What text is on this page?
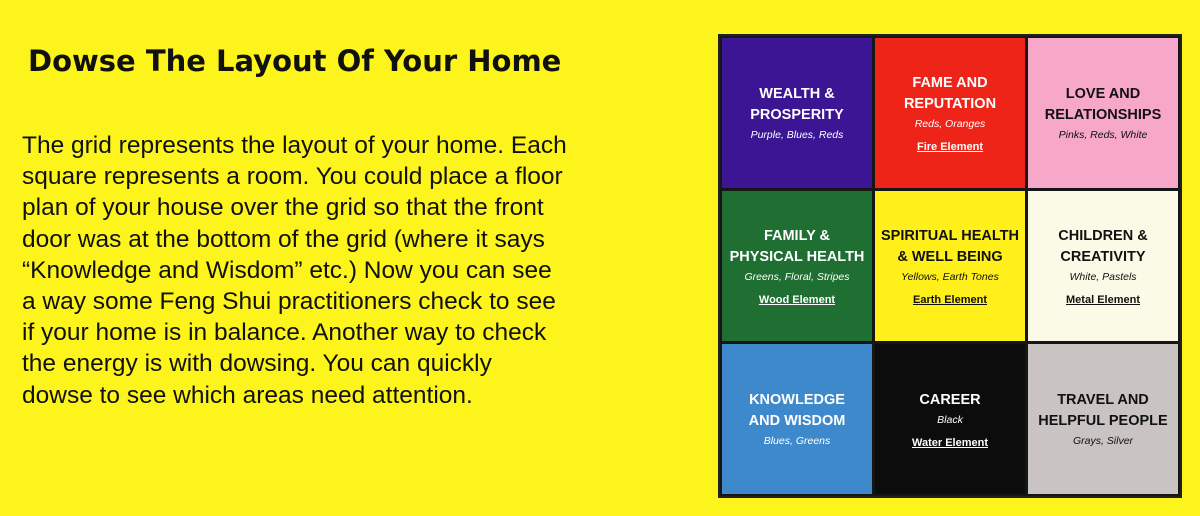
Dowse The Layout Of Your Home

The grid represents the layout of your home. Each
square represents a room. You could place a floor
plan of your house over the grid so that the front
door was at the bottom of the grid (where it says
“Knowledge and Wisdom” etc.) Now you can see
a way some Feng Shui practitioners check to see
if your home is in balance. Another way to check
the energy is with dowsing. You can quickly
dowse to see which areas need attention.

WEALTH &
PROSPERITY
Purple, Blues, Reds
FAME AND
REPUTATION
Reds, Oranges
Fire Element
LOVE AND
RELATIONSHIPS
Pinks, Reds, White
FAMILY &
PHYSICAL HEALTH
Greens, Floral, Stripes
Wood Element
SPIRITUAL HEALTH
& WELL BEING
Yellows, Earth Tones
Earth Element
CHILDREN &
CREATIVITY
White, Pastels
Metal Element
KNOWLEDGE
AND WISDOM
Blues, Greens
CAREER
Black
Water Element
TRAVEL AND
HELPFUL PEOPLE
Grays, Silver
